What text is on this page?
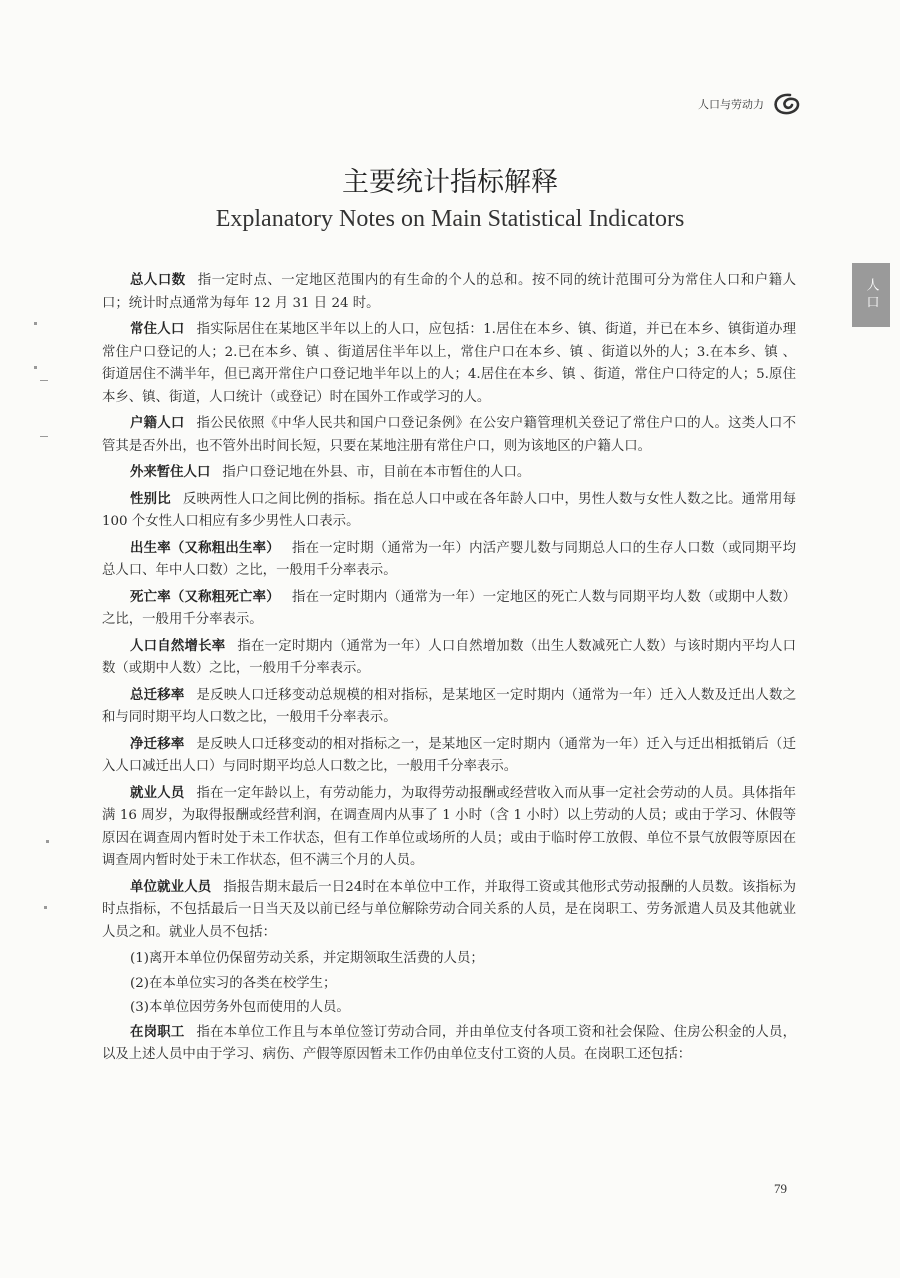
人口与劳动力
人口
主要统计指标解释
Explanatory Notes on Main Statistical Indicators

总人口数 指一定时点、一定地区范围内的有生命的个人的总和。按不同的统计范围可分为常住人口和户籍人口；统计时点通常为每年 12 月 31 日 24 时。

常住人口 指实际居住在某地区半年以上的人口，应包括：1.居住在本乡、镇、街道，并已在本乡、镇街道办理常住户口登记的人；2.已在本乡、镇 、街道居住半年以上，常住户口在本乡、镇 、街道以外的人；3.在本乡、镇 、街道居住不满半年，但已离开常住户口登记地半年以上的人；4.居住在本乡、镇 、街道，常住户口待定的人；5.原住本乡、镇、街道，人口统计（或登记）时在国外工作或学习的人。

户籍人口 指公民依照《中华人民共和国户口登记条例》在公安户籍管理机关登记了常住户口的人。这类人口不管其是否外出，也不管外出时间长短，只要在某地注册有常住户口，则为该地区的户籍人口。

外来暂住人口 指户口登记地在外县、市，目前在本市暂住的人口。

性别比 反映两性人口之间比例的指标。指在总人口中或在各年龄人口中，男性人数与女性人数之比。通常用每 100 个女性人口相应有多少男性人口表示。

出生率（又称粗出生率） 指在一定时期（通常为一年）内活产婴儿数与同期总人口的生存人口数（或同期平均总人口、年中人口数）之比，一般用千分率表示。

死亡率（又称粗死亡率） 指在一定时期内（通常为一年）一定地区的死亡人数与同期平均人数（或期中人数）之比，一般用千分率表示。

人口自然增长率 指在一定时期内（通常为一年）人口自然增加数（出生人数减死亡人数）与该时期内平均人口数（或期中人数）之比，一般用千分率表示。

总迁移率 是反映人口迁移变动总规模的相对指标，是某地区一定时期内（通常为一年）迁入人数及迁出人数之和与同时期平均人口数之比，一般用千分率表示。

净迁移率 是反映人口迁移变动的相对指标之一，是某地区一定时期内（通常为一年）迁入与迁出相抵销后（迁入人口减迁出人口）与同时期平均总人口数之比，一般用千分率表示。

就业人员 指在一定年龄以上，有劳动能力，为取得劳动报酬或经营收入而从事一定社会劳动的人员。具体指年满 16 周岁，为取得报酬或经营利润，在调查周内从事了 1 小时（含 1 小时）以上劳动的人员；或由于学习、休假等原因在调查周内暂时处于未工作状态，但有工作单位或场所的人员；或由于临时停工放假、单位不景气放假等原因在调查周内暂时处于未工作状态，但不满三个月的人员。

单位就业人员 指报告期末最后一日24时在本单位中工作，并取得工资或其他形式劳动报酬的人员数。该指标为时点指标，不包括最后一日当天及以前已经与单位解除劳动合同关系的人员，是在岗职工、劳务派遣人员及其他就业人员之和。就业人员不包括：

(1)离开本单位仍保留劳动关系，并定期领取生活费的人员；

(2)在本单位实习的各类在校学生；

(3)本单位因劳务外包而使用的人员。

在岗职工 指在本单位工作且与本单位签订劳动合同，并由单位支付各项工资和社会保险、住房公积金的人员，以及上述人员中由于学习、病伤、产假等原因暂未工作仍由单位支付工资的人员。在岗职工还包括：

79
